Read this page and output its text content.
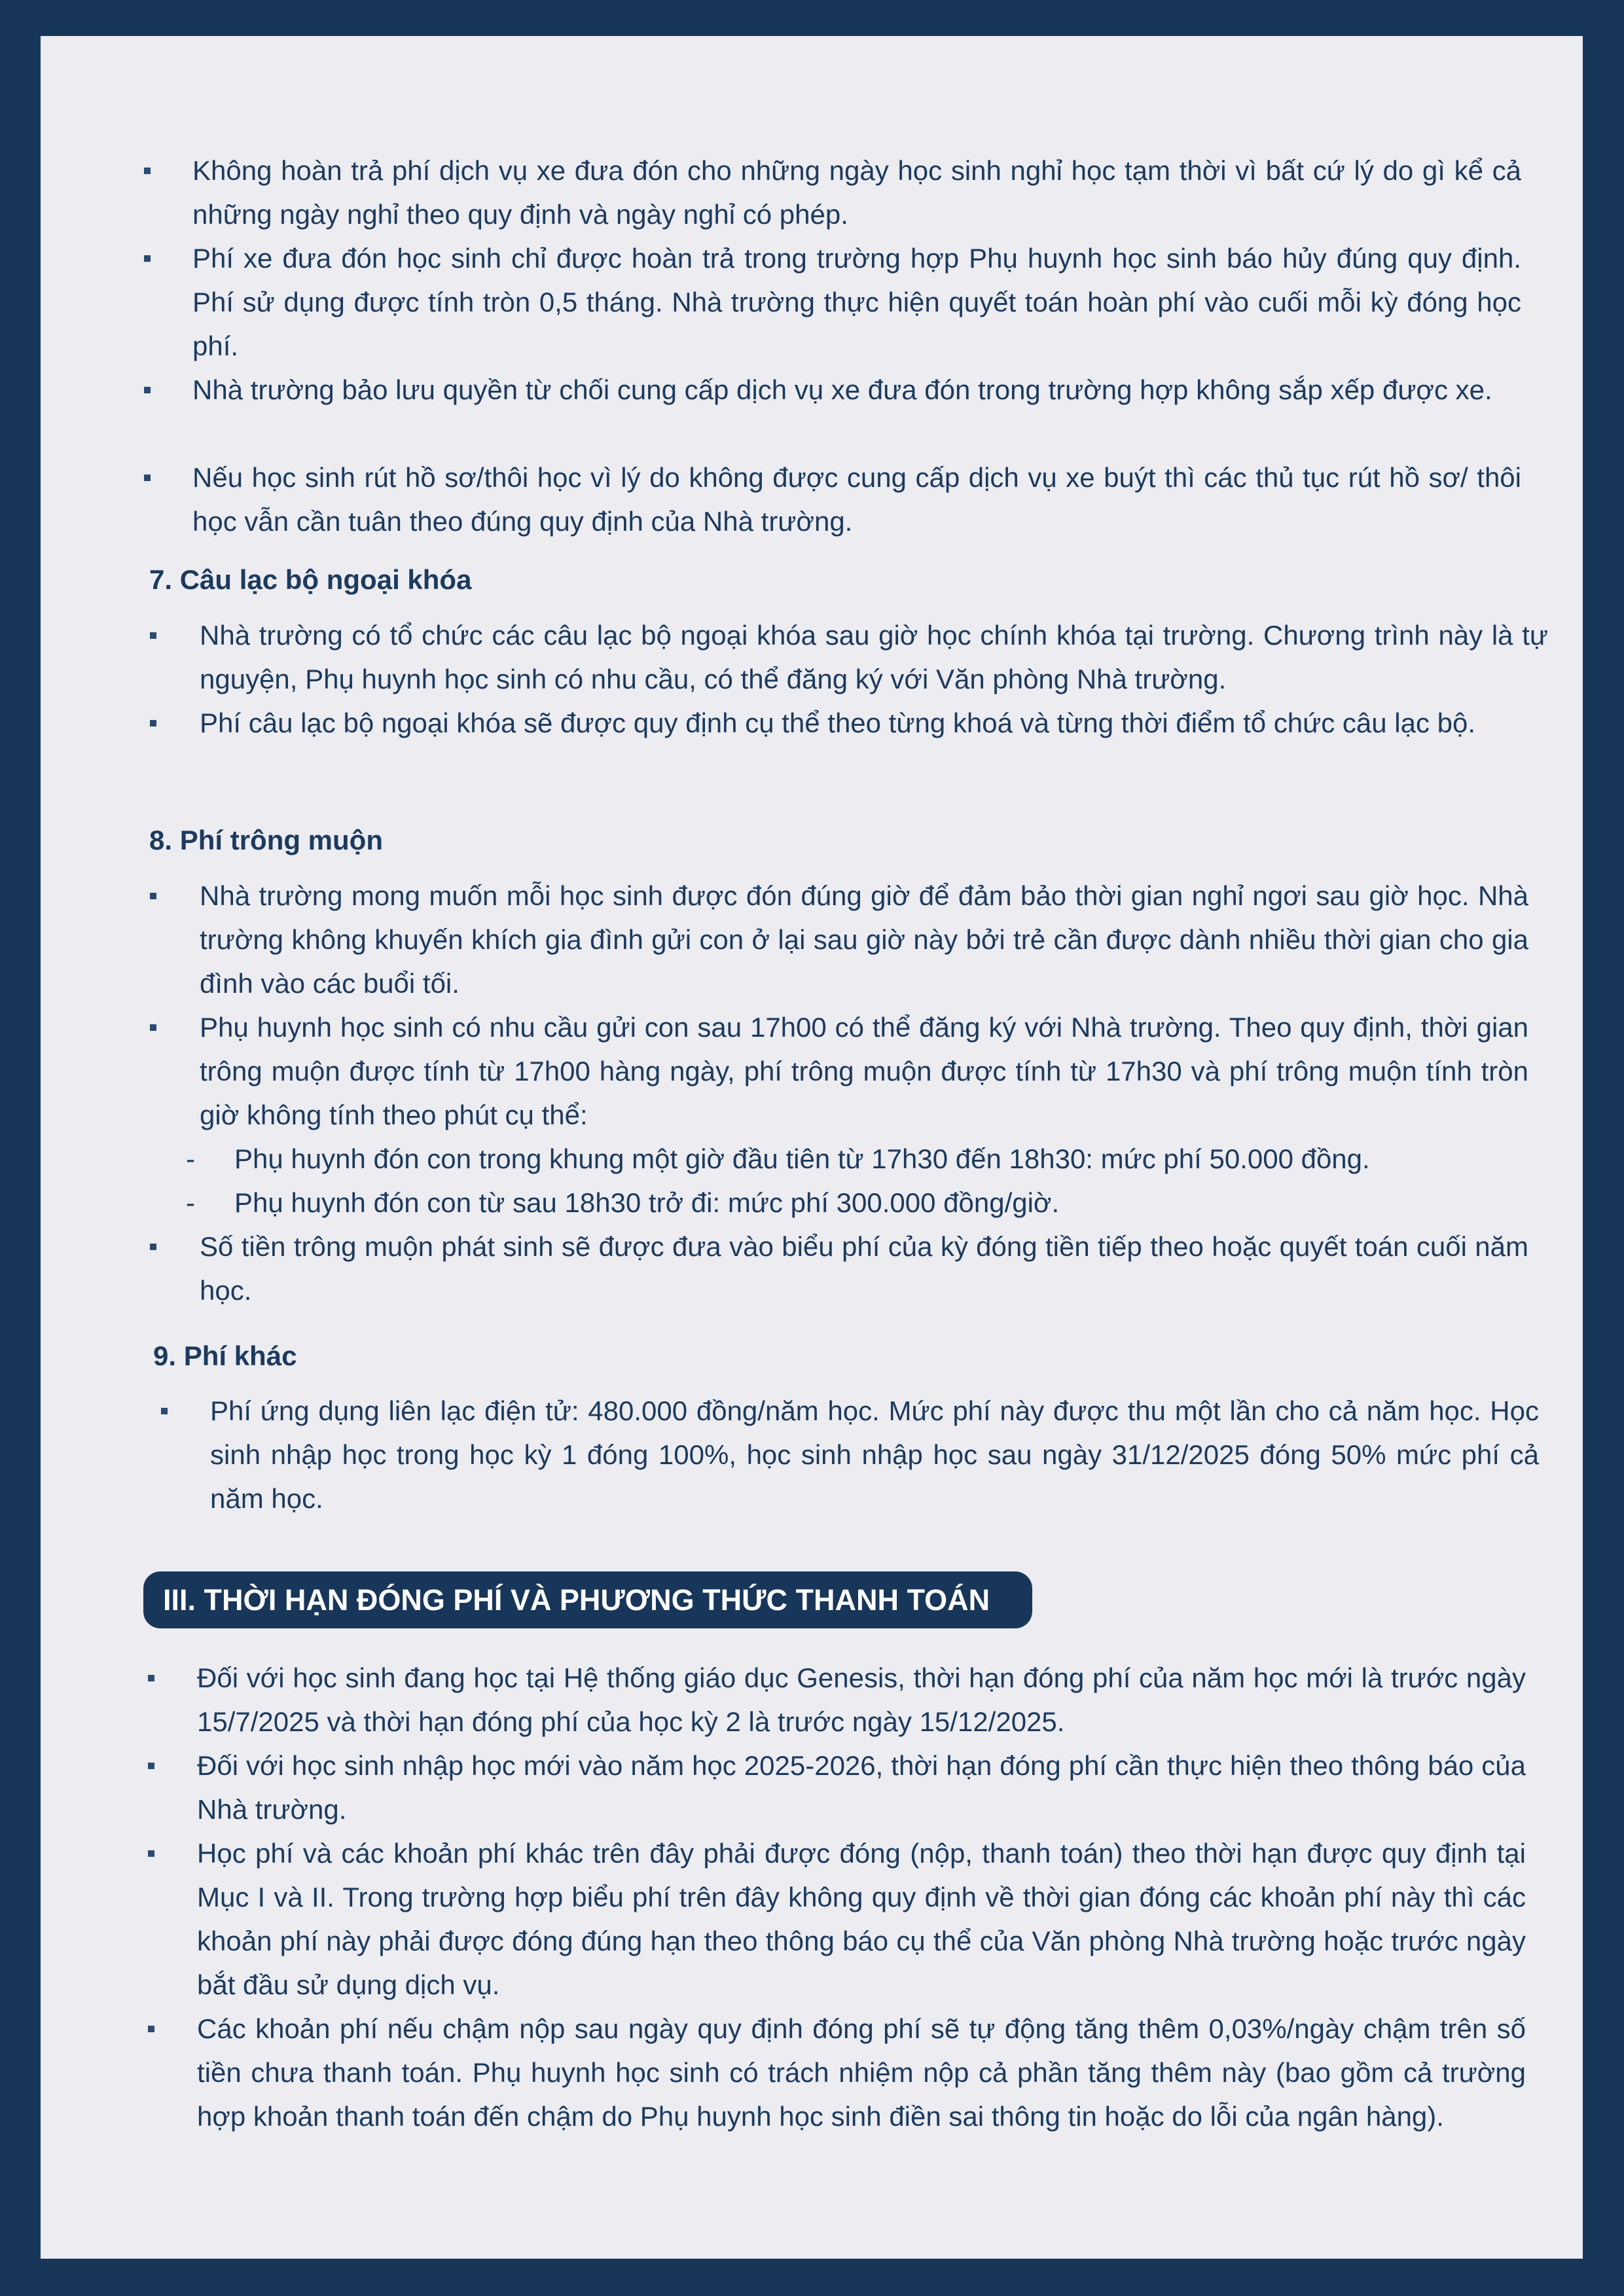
Không hoàn trả phí dịch vụ xe đưa đón cho những ngày học sinh nghỉ học tạm thời vì bất cứ lý do gì kể cả những ngày nghỉ theo quy định và ngày nghỉ có phép.
Phí xe đưa đón học sinh chỉ được hoàn trả trong trường hợp Phụ huynh học sinh báo hủy đúng quy định. Phí sử dụng được tính tròn 0,5 tháng. Nhà trường thực hiện quyết toán hoàn phí vào cuối mỗi kỳ đóng học phí.
Nhà trường bảo lưu quyền từ chối cung cấp dịch vụ xe đưa đón trong trường hợp không sắp xếp được xe.
Nếu học sinh rút hồ sơ/thôi học vì lý do không được cung cấp dịch vụ xe buýt thì các thủ tục rút hồ sơ/ thôi học vẫn cần tuân theo đúng quy định của Nhà trường.
7. Câu lạc bộ ngoại khóa
Nhà trường có tổ chức các câu lạc bộ ngoại khóa sau giờ học chính khóa tại trường. Chương trình này là tự nguyện, Phụ huynh học sinh có nhu cầu, có thể đăng ký với Văn phòng Nhà trường.
Phí câu lạc bộ ngoại khóa sẽ được quy định cụ thể theo từng khoá và từng thời điểm tổ chức câu lạc bộ.
8. Phí trông muộn
Nhà trường mong muốn mỗi học sinh được đón đúng giờ để đảm bảo thời gian nghỉ ngơi sau giờ học. Nhà trường không khuyến khích gia đình gửi con ở lại sau giờ này bởi trẻ cần được dành nhiều thời gian cho gia đình vào các buổi tối.
Phụ huynh học sinh có nhu cầu gửi con sau 17h00 có thể đăng ký với Nhà trường. Theo quy định, thời gian trông muộn được tính từ 17h00 hàng ngày, phí trông muộn được tính từ 17h30 và phí trông muộn tính tròn giờ không tính theo phút cụ thể:
- Phụ huynh đón con trong khung một giờ đầu tiên từ 17h30 đến 18h30: mức phí 50.000 đồng.
- Phụ huynh đón con từ sau 18h30 trở đi: mức phí 300.000 đồng/giờ.
Số tiền trông muộn phát sinh sẽ được đưa vào biểu phí của kỳ đóng tiền tiếp theo hoặc quyết toán cuối năm học.
9. Phí khác
Phí ứng dụng liên lạc điện tử: 480.000 đồng/năm học. Mức phí này được thu một lần cho cả năm học. Học sinh nhập học trong học kỳ 1 đóng 100%, học sinh nhập học sau ngày 31/12/2025 đóng 50% mức phí cả năm học.
III. THỜI HẠN ĐÓNG PHÍ VÀ PHƯƠNG THỨC THANH TOÁN
Đối với học sinh đang học tại Hệ thống giáo dục Genesis, thời hạn đóng phí của năm học mới là trước ngày 15/7/2025 và thời hạn đóng phí của học kỳ 2 là trước ngày 15/12/2025.
Đối với học sinh nhập học mới vào năm học 2025-2026, thời hạn đóng phí cần thực hiện theo thông báo của Nhà trường.
Học phí và các khoản phí khác trên đây phải được đóng (nộp, thanh toán) theo thời hạn được quy định tại Mục I và II. Trong trường hợp biểu phí trên đây không quy định về thời gian đóng các khoản phí này thì các khoản phí này phải được đóng đúng hạn theo thông báo cụ thể của Văn phòng Nhà trường hoặc trước ngày bắt đầu sử dụng dịch vụ.
Các khoản phí nếu chậm nộp sau ngày quy định đóng phí sẽ tự động tăng thêm 0,03%/ngày chậm trên số tiền chưa thanh toán. Phụ huynh học sinh có trách nhiệm nộp cả phần tăng thêm này (bao gồm cả trường hợp khoản thanh toán đến chậm do Phụ huynh học sinh điền sai thông tin hoặc do lỗi của ngân hàng).
